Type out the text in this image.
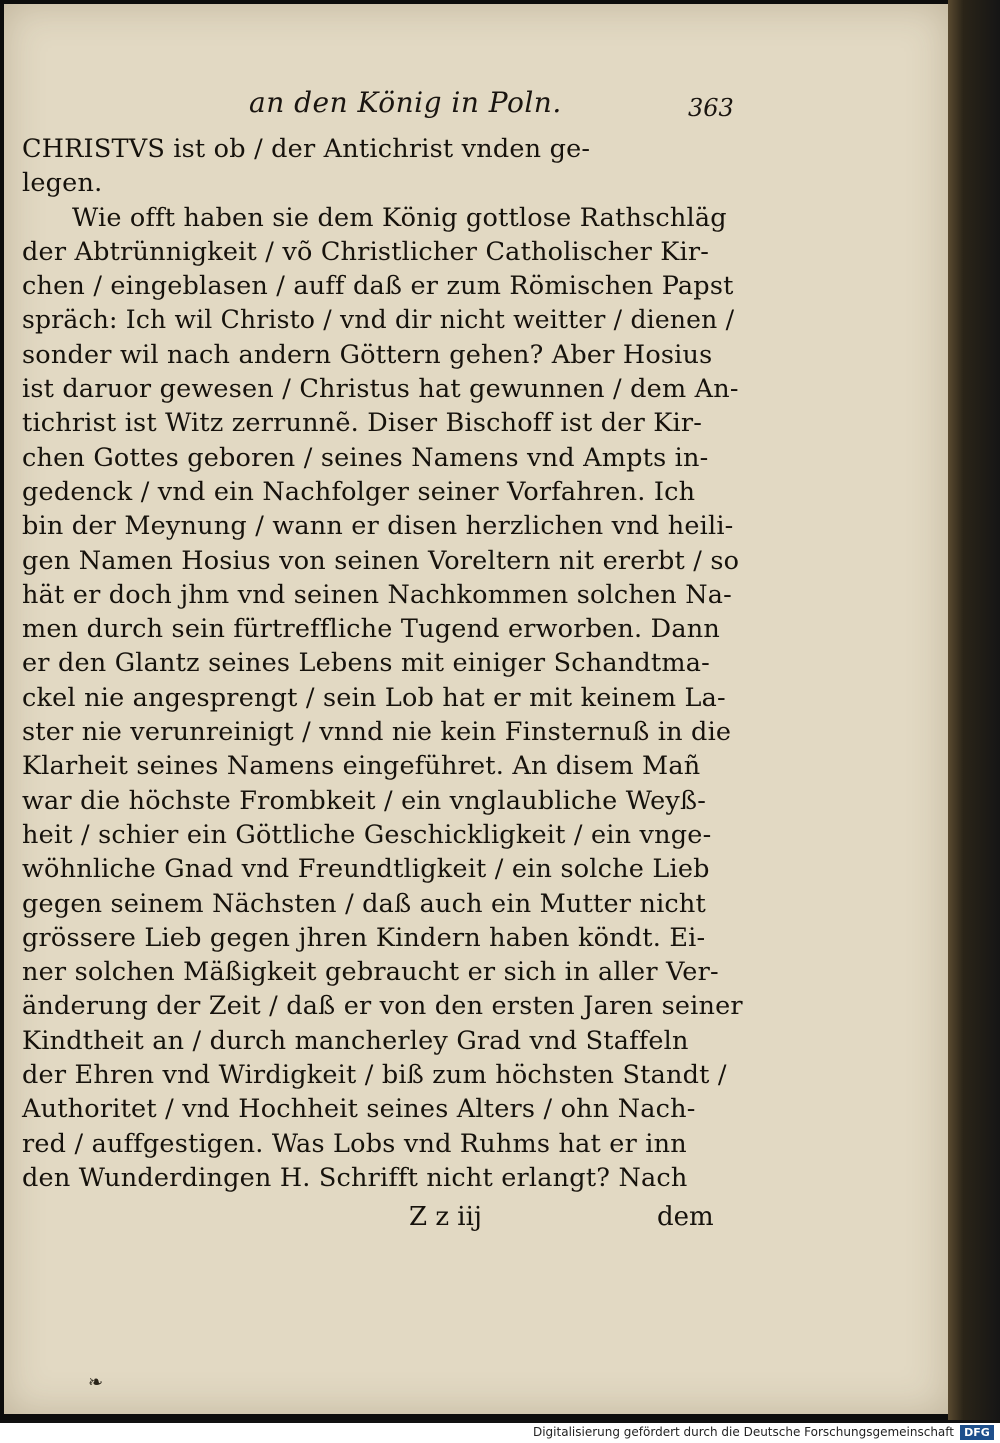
an den König in Poln.	363
CHRISTVS ist ob / der Antichrist vnden ge-
legen.
Wie offt haben sie dem König gottlose Rathschläg
der Abtrünnigkeit / võ Christlicher Catholischer Kir-
chen / eingeblasen / auff daß er zum Römischen Papst
spräch: Ich wil Christo / vnd dir nicht weitter / dienen /
sonder wil nach andern Göttern gehen? Aber Hosius
ist daruor gewesen / Christus hat gewunnen / dem An-
tichrist ist Witz zerrunnẽ. Diser Bischoff ist der Kir-
chen Gottes geboren / seines Namens vnd Ampts in-
gedenck / vnd ein Nachfolger seiner Vorfahren. Ich
bin der Meynung / wann er disen herzlichen vnd heili-
gen Namen Hosius von seinen Voreltern nit ererbt / so
hät er doch jhm vnd seinen Nachkommen solchen Na-
men durch sein fürtreffliche Tugend erworben. Dann
er den Glantz seines Lebens mit einiger Schandtma-
ckel nie angesprengt / sein Lob hat er mit keinem La-
ster nie verunreinigt / vnnd nie kein Finsternuß in die
Klarheit seines Namens eingeführet. An disem Mañ
war die höchste Frombkeit / ein vnglaubliche Weyß-
heit / schier ein Göttliche Geschickligkeit / ein vnge-
wöhnliche Gnad vnd Freundtligkeit / ein solche Lieb
gegen seinem Nächsten / daß auch ein Mutter nicht
grössere Lieb gegen jhren Kindern haben köndt. Ei-
ner solchen Mäßigkeit gebraucht er sich in aller Ver-
änderung der Zeit / daß er von den ersten Jaren seiner
Kindtheit an / durch mancherley Grad vnd Staffeln
der Ehren vnd Wirdigkeit / biß zum höchsten Standt /
Authoritet / vnd Hochheit seines Alters / ohn Nach-
red / auffgestigen. Was Lobs vnd Ruhms hat er inn
den Wunderdingen H. Schrifft nicht erlangt? Nach
Z z iij	dem
❧
Digitalisierung gefördert durch die Deutsche Forschungsgemeinschaft DFG
